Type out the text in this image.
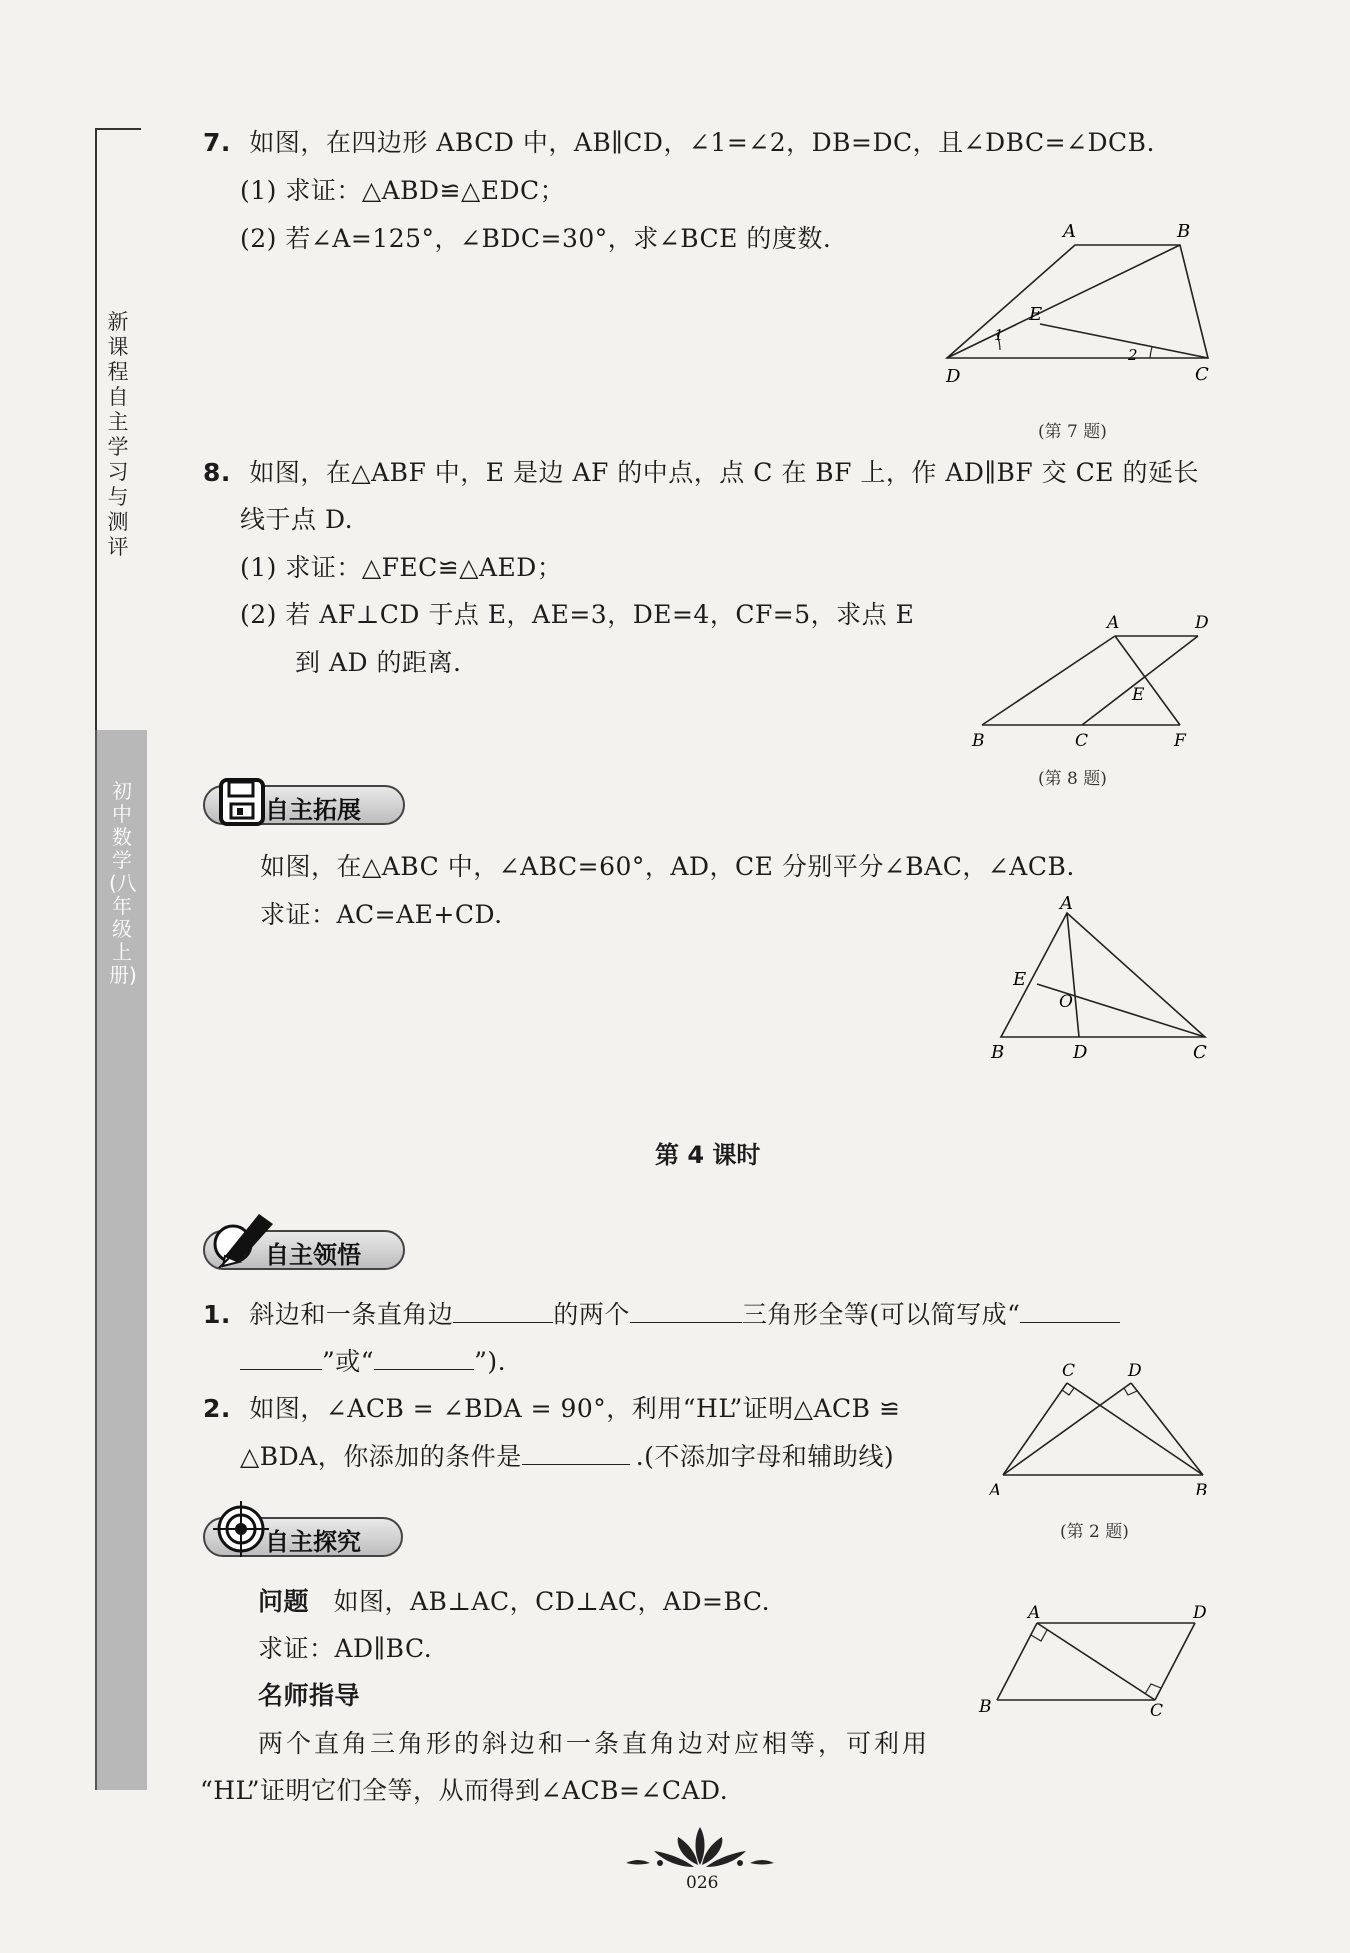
新课程自主学习与测评
初中数学(八年级上册)
7. 如图，在四边形 ABCD 中，AB∥CD，∠1=∠2，DB=DC，且∠DBC=∠DCB.
(1) 求证：△ABD≌△EDC；
(2) 若∠A=125°，∠BDC=30°，求∠BCE 的度数.	A	B
C
D
E
1
2
(第 7 题)
8. 如图，在△ABF 中，E 是边 AF 的中点，点 C 在 BF 上，作 AD∥BF 交 CE 的延长
线于点 D.
(1) 求证：△FEC≌△AED；
(2) 若 AF⊥CD 于点 E，AE=3，DE=4，CF=5，求点 E
到 AD 的距离.
A	D
B	C	F
E
(第 8 题)
自主拓展
如图，在△ABC 中，∠ABC=60°，AD，CE 分别平分∠BAC，∠ACB.
求证：AC=AE+CD.	A
B	D	C
E
O
第 4 课时
自主领悟
1. 斜边和一条直角边	的两个	三角形全等(可以简写成“
”或“	”).
2. 如图，∠ACB = ∠BDA = 90°，利用“HL”证明△ACB ≌
△BDA，你添加的条件是	.(不添加字母和辅助线)
C	D
A	B
(第 2 题)
自主探究
问题 如图，AB⊥AC，CD⊥AC，AD=BC.
求证：AD∥BC.
名师指导
两个直角三角形的斜边和一条直角边对应相等，可利用
“HL”证明它们全等，从而得到∠ACB=∠CAD.
A	D
B	C
026
